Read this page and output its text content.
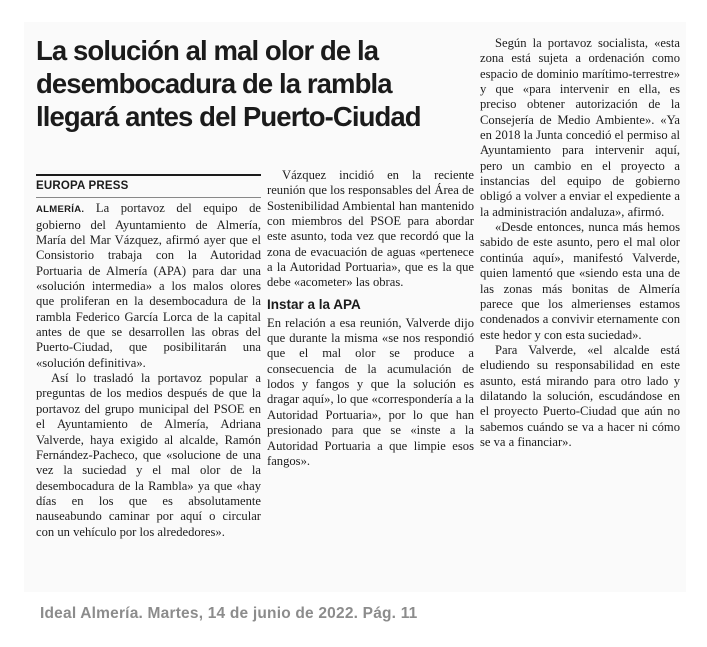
La solución al mal olor de la desembocadura de la rambla llegará antes del Puerto-Ciudad
EUROPA PRESS

ALMERÍA. La portavoz del equipo de gobierno del Ayuntamiento de Almería, María del Mar Vázquez, afirmó ayer que el Consistorio trabaja con la Autoridad Portuaria de Almería (APA) para dar una «solución intermedia» a los malos olores que proliferan en la desembocadura de la rambla Federico García Lorca de la capital antes de que se desarrollen las obras del Puerto-Ciudad, que posibilitarán una «solución definitiva».

Así lo trasladó la portavoz popular a preguntas de los medios después de que la portavoz del grupo municipal del PSOE en el Ayuntamiento de Almería, Adriana Valverde, haya exigido al alcalde, Ramón Fernández-Pacheco, que «solucione de una vez la suciedad y el mal olor de la desembocadura de la Rambla» ya que «hay días en los que es absolutamente nauseabundo caminar por aquí o circular con un vehículo por los alrededores».

Vázquez incidió en la reciente reunión que los responsables del Área de Sostenibilidad Ambiental han mantenido con miembros del PSOE para abordar este asunto, toda vez que recordó que la zona de evacuación de aguas «pertenece a la Autoridad Portuaria», que es la que debe «acometer» las obras.

Instar a la APA

En relación a esa reunión, Valverde dijo que durante la misma «se nos respondió que el mal olor se produce a consecuencia de la acumulación de lodos y fangos y que la solución es dragar aquí», lo que «correspondería a la Autoridad Portuaria», por lo que han presionado para que se «inste a la Autoridad Portuaria a que limpie esos fangos».

Según la portavoz socialista, «esta zona está sujeta a ordenación como espacio de dominio marítimo-terrestre» y que «para intervenir en ella, es preciso obtener autorización de la Consejería de Medio Ambiente». «Ya en 2018 la Junta concedió el permiso al Ayuntamiento para intervenir aquí, pero un cambio en el proyecto a instancias del equipo de gobierno obligó a volver a enviar el expediente a la administración andaluza», afirmó.

«Desde entonces, nunca más hemos sabido de este asunto, pero el mal olor continúa aquí», manifestó Valverde, quien lamentó que «siendo esta una de las zonas más bonitas de Almería parece que los almerienses estamos condenados a convivir eternamente con este hedor y con esta suciedad».

Para Valverde, «el alcalde está eludiendo su responsabilidad en este asunto, está mirando para otro lado y dilatando la solución, escudándose en el proyecto Puerto-Ciudad que aún no sabemos cuándo se va a hacer ni cómo se va a financiar».

Ideal Almería. Martes, 14 de junio de 2022. Pág. 11
